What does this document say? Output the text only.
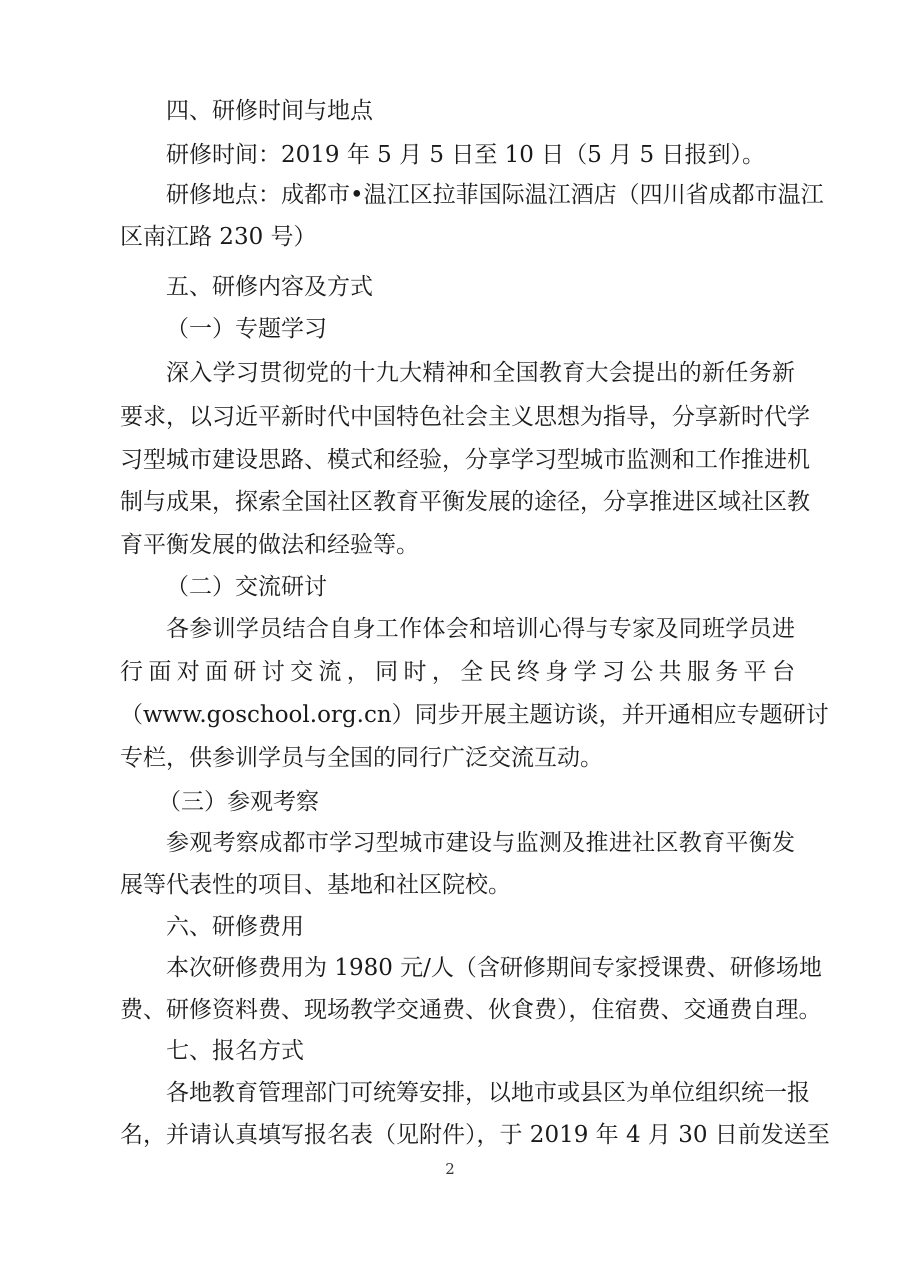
四、研修时间与地点
研修时间：2019 年 5 月 5 日至 10 日（5 月 5 日报到）。
研修地点：成都市•温江区拉菲国际温江酒店（四川省成都市温江
区南江路 230 号）
五、研修内容及方式
（一）专题学习
深入学习贯彻党的十九大精神和全国教育大会提出的新任务新
要求，以习近平新时代中国特色社会主义思想为指导，分享新时代学
习型城市建设思路、模式和经验，分享学习型城市监测和工作推进机
制与成果，探索全国社区教育平衡发展的途径，分享推进区域社区教
育平衡发展的做法和经验等。
（二）交流研讨
各参训学员结合自身工作体会和培训心得与专家及同班学员进
行面对面研讨交流，同时，全民终身学习公共服务平台
（www.goschool.org.cn）同步开展主题访谈，并开通相应专题研讨
专栏，供参训学员与全国的同行广泛交流互动。
（三）参观考察
参观考察成都市学习型城市建设与监测及推进社区教育平衡发
展等代表性的项目、基地和社区院校。
六、研修费用
本次研修费用为 1980 元/人（含研修期间专家授课费、研修场地
费、研修资料费、现场教学交通费、伙食费），住宿费、交通费自理。
七、报名方式
各地教育管理部门可统筹安排，以地市或县区为单位组织统一报
名，并请认真填写报名表（见附件），于 2019 年 4 月 30 日前发送至
2
